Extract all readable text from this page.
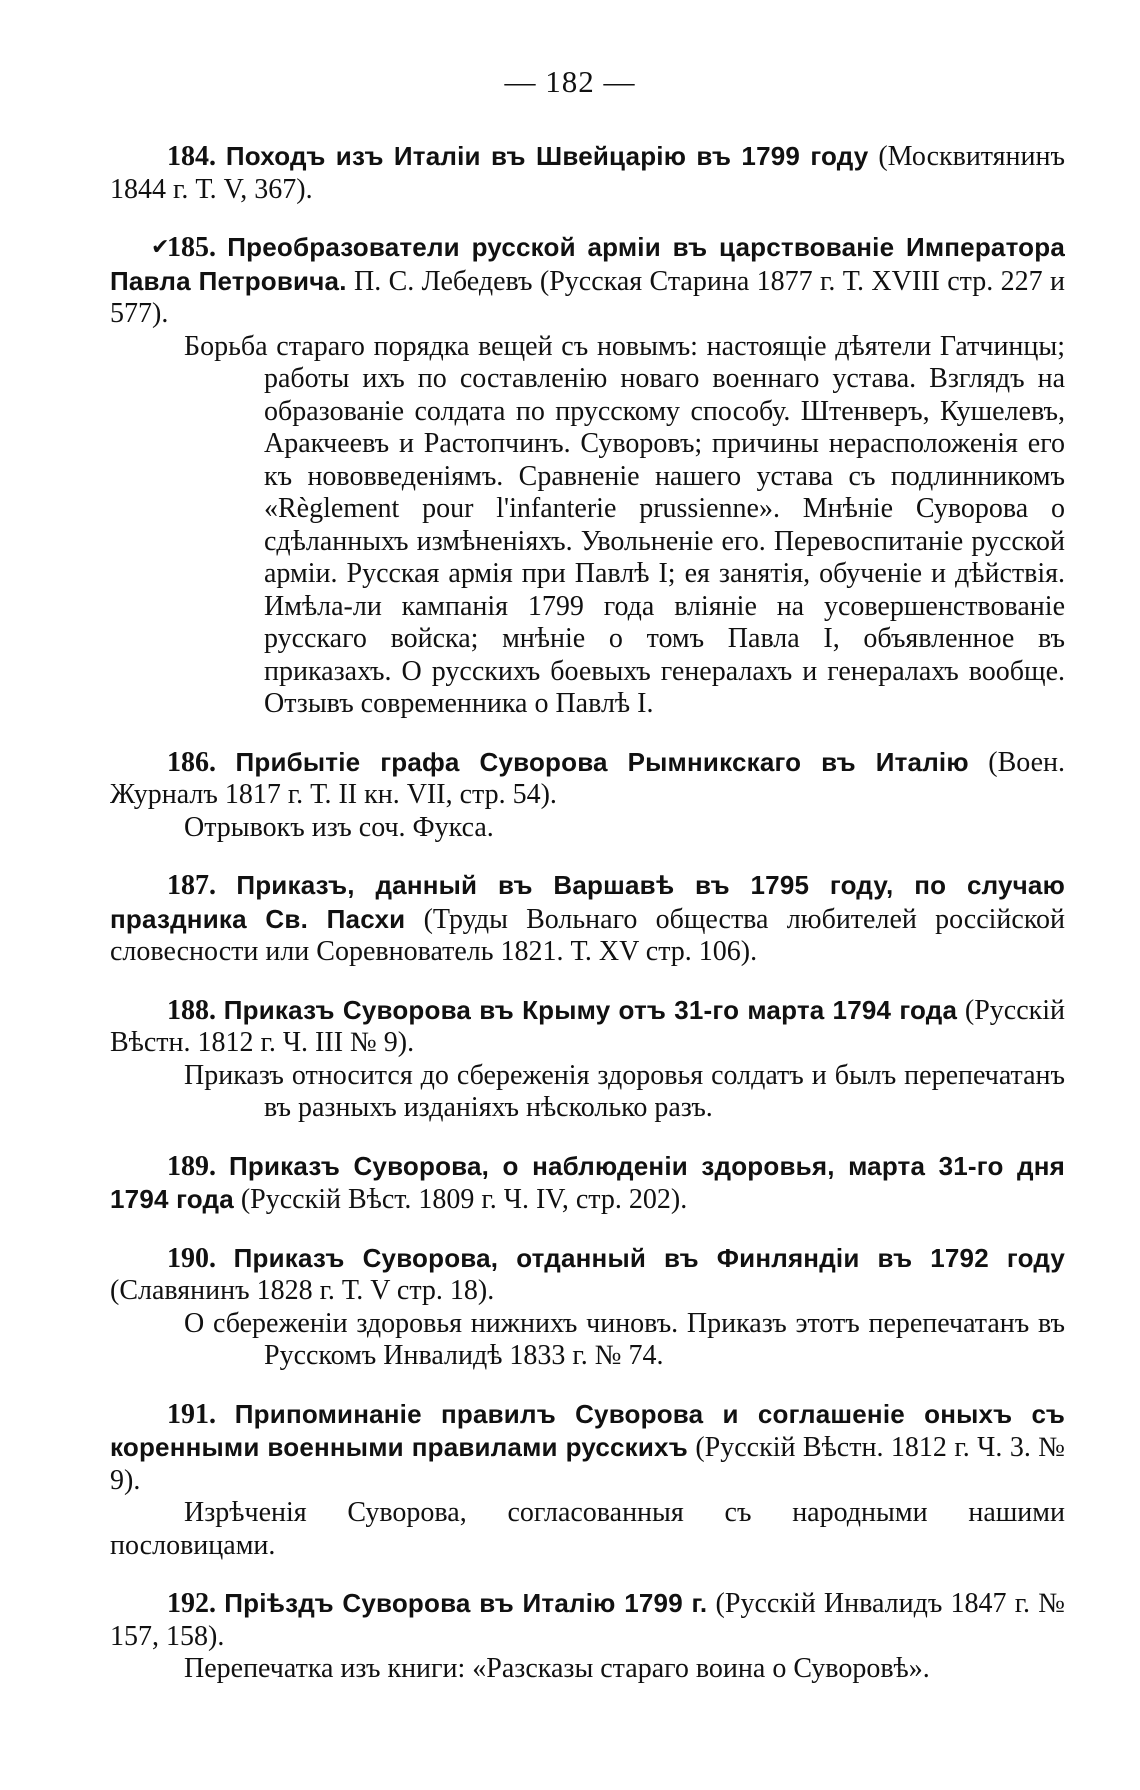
— 182 —

184. Походъ изъ Италіи въ Швейцарію въ 1799 году (Москвитянинъ 1844 г. Т. V, 367).

✔
185. Преобразователи русской арміи въ царствованіе Императора Павла Петровича. П. С. Лебедевъ (Русская Старина 1877 г. Т. XVIII стр. 227 и 577).

Борьба стараго порядка вещей съ новымъ: настоящіе дѣятели Гатчинцы; работы ихъ по составленію новаго военнаго устава. Взглядъ на образованіе солдата по прусскому способу. Штенверъ, Кушелевъ, Аракчеевъ и Растопчинъ. Суворовъ; причины нерасположенія его къ нововведеніямъ. Сравненіе нашего устава съ подлинникомъ «Règlement pour l'infanterie prussienne». Мнѣніе Суворова о сдѣланныхъ измѣненіяхъ. Увольненіе его. Перевоспитаніе русской арміи. Русская армія при Павлѣ I; ея занятія, обученіе и дѣйствія. Имѣла-ли кампанія 1799 года вліяніе на усовершенствованіе русскаго войска; мнѣніе о томъ Павла I, объявленное въ приказахъ. О русскихъ боевыхъ генералахъ и генералахъ вообще. Отзывъ современника о Павлѣ I.

186. Прибытіе графа Суворова Рымникскаго въ Италію (Воен. Журналъ 1817 г. Т. II кн. VII, стр. 54).

Отрывокъ изъ соч. Фукса.

187. Приказъ, данный въ Варшавѣ въ 1795 году, по случаю праздника Св. Пасхи (Труды Вольнаго общества любителей россійской словесности или Соревнователь 1821. Т. XV стр. 106).

188. Приказъ Суворова въ Крыму отъ 31-го марта 1794 года (Русскій Вѣстн. 1812 г. Ч. III № 9).

Приказъ относится до сбереженія здоровья солдатъ и былъ перепечатанъ въ разныхъ изданіяхъ нѣсколько разъ.

189. Приказъ Суворова, о наблюденіи здоровья, марта 31-го дня 1794 года (Русскій Вѣст. 1809 г. Ч. IV, стр. 202).

190. Приказъ Суворова, отданный въ Финляндіи въ 1792 году (Славянинъ 1828 г. Т. V стр. 18).

О сбереженіи здоровья нижнихъ чиновъ. Приказъ этотъ перепечатанъ въ Русскомъ Инвалидѣ 1833 г. № 74.

191. Припоминаніе правилъ Суворова и соглашеніе оныхъ съ коренными военными правилами русскихъ (Русскій Вѣстн. 1812 г. Ч. 3. № 9).

Изрѣченія Суворова, согласованныя съ народными нашими пословицами.

192. Пріѣздъ Суворова въ Италію 1799 г. (Русскій Инвалидъ 1847 г. № 157, 158).

Перепечатка изъ книги: «Разсказы стараго воина о Суворовѣ».
